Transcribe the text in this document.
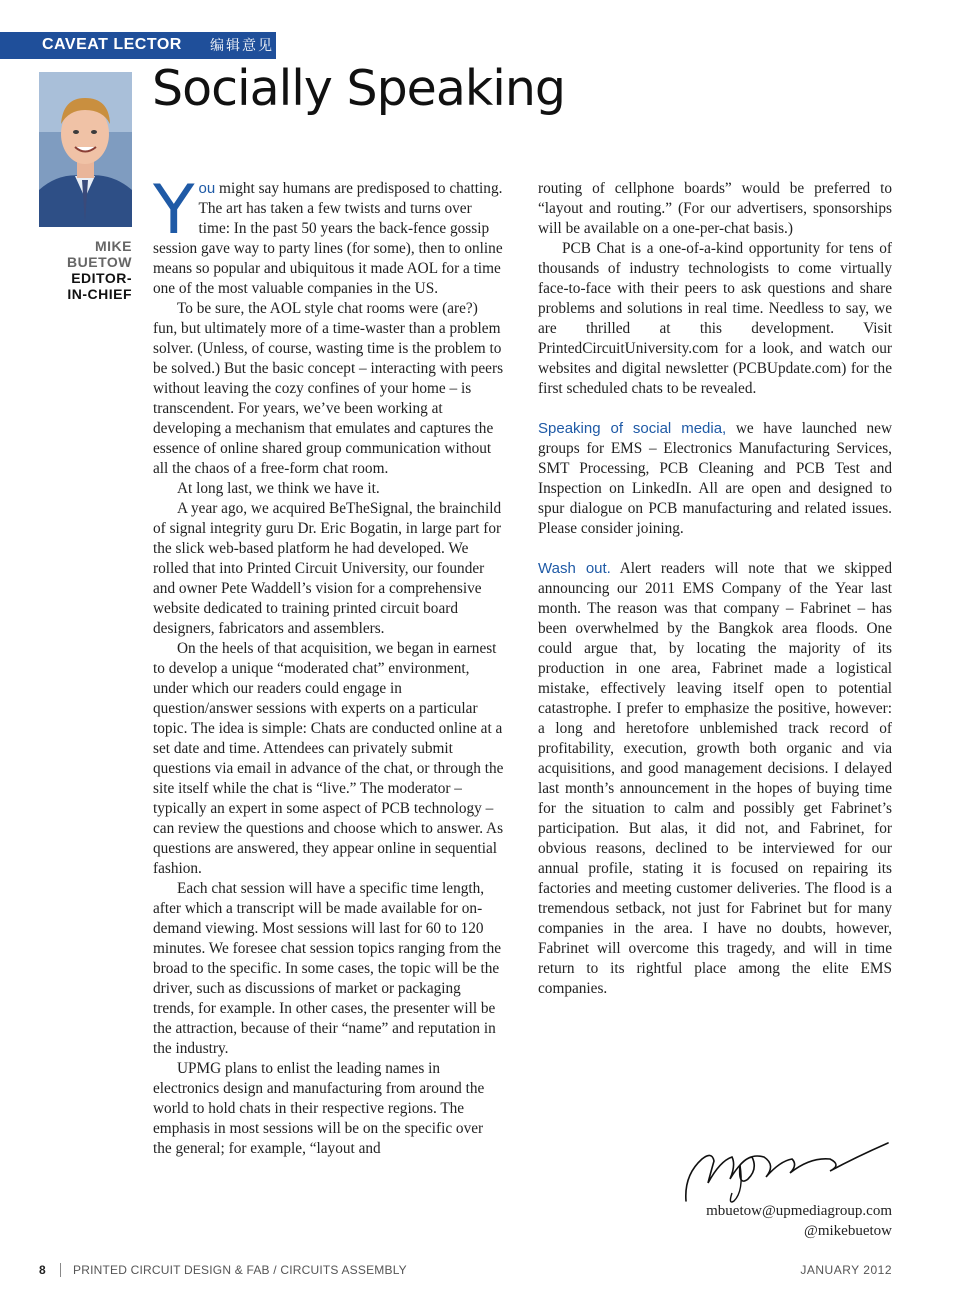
CAVEAT LECTOR 编辑意见
Socially Speaking
MIKE
BUETOW
EDITOR-
IN-CHIEF

You might say humans are predisposed to chatting. The art has taken a few twists and turns over time: In the past 50 years the back-fence gossip session gave way to party lines (for some), then to online means so popular and ubiquitous it made AOL for a time one of the most valuable companies in the US.

To be sure, the AOL style chat rooms were (are?) fun, but ultimately more of a time-waster than a problem solver. (Unless, of course, wasting time is the problem to be solved.) But the basic concept – interacting with peers without leaving the cozy confines of your home – is transcendent. For years, we’ve been working at developing a mechanism that emulates and captures the essence of online shared group communication without all the chaos of a free-form chat room.

At long last, we think we have it.

A year ago, we acquired BeTheSignal, the brainchild of signal integrity guru Dr. Eric Bogatin, in large part for the slick web-based platform he had developed. We rolled that into Printed Circuit University, our founder and owner Pete Waddell’s vision for a comprehensive website dedicated to training printed circuit board designers, fabricators and assemblers.

On the heels of that acquisition, we began in earnest to develop a unique “moderated chat” environment, under which our readers could engage in question/answer sessions with experts on a particular topic. The idea is simple: Chats are conducted online at a set date and time. Attendees can privately submit questions via email in advance of the chat, or through the site itself while the chat is “live.” The moderator – typically an expert in some aspect of PCB technology – can review the questions and choose which to answer. As questions are answered, they appear online in sequential fashion.

Each chat session will have a specific time length, after which a transcript will be made available for on-demand viewing. Most sessions will last for 60 to 120 minutes. We foresee chat session topics ranging from the broad to the specific. In some cases, the topic will be the driver, such as discussions of market or packaging trends, for example. In other cases, the presenter will be the attraction, because of their “name” and reputation in the industry.

UPMG plans to enlist the leading names in electronics design and manufacturing from around the world to hold chats in their respective regions. The emphasis in most sessions will be on the specific over the general; for example, “layout and

routing of cellphone boards” would be preferred to “layout and routing.” (For our advertisers, sponsorships will be available on a one-per-chat basis.)

PCB Chat is a one-of-a-kind opportunity for tens of thousands of industry technologists to come virtually face-to-face with their peers to ask questions and share problems and solutions in real time. Needless to say, we are thrilled at this development. Visit PrintedCircuitUniversity.com for a look, and watch our websites and digital newsletter (PCBUpdate.com) for the first scheduled chats to be revealed.

Speaking of social media, we have launched new groups for EMS – Electronics Manufacturing Services, SMT Processing, PCB Cleaning and PCB Test and Inspection on LinkedIn. All are open and designed to spur dialogue on PCB manufacturing and related issues. Please consider joining.

Wash out. Alert readers will note that we skipped announcing our 2011 EMS Company of the Year last month. The reason was that company – Fabrinet – has been overwhelmed by the Bangkok area floods. One could argue that, by locating the majority of its production in one area, Fabrinet made a logistical mistake, effectively leaving itself open to potential catastrophe. I prefer to emphasize the positive, however: a long and heretofore unblemished track record of profitability, execution, growth both organic and via acquisitions, and good management decisions. I delayed last month’s announcement in the hopes of buying time for the situation to calm and possibly get Fabrinet’s participation. But alas, it did not, and Fabrinet, for obvious reasons, declined to be interviewed for our annual profile, stating it is focused on repairing its factories and meeting customer deliveries. The flood is a tremendous setback, not just for Fabrinet but for many companies in the area. I have no doubts, however, Fabrinet will overcome this tragedy, and will in time return to its rightful place among the elite EMS companies.

mbuetow@upmediagroup.com
@mikebuetow
8 PRINTED CIRCUIT DESIGN & FAB / CIRCUITS ASSEMBLY	JANUARY 2012
